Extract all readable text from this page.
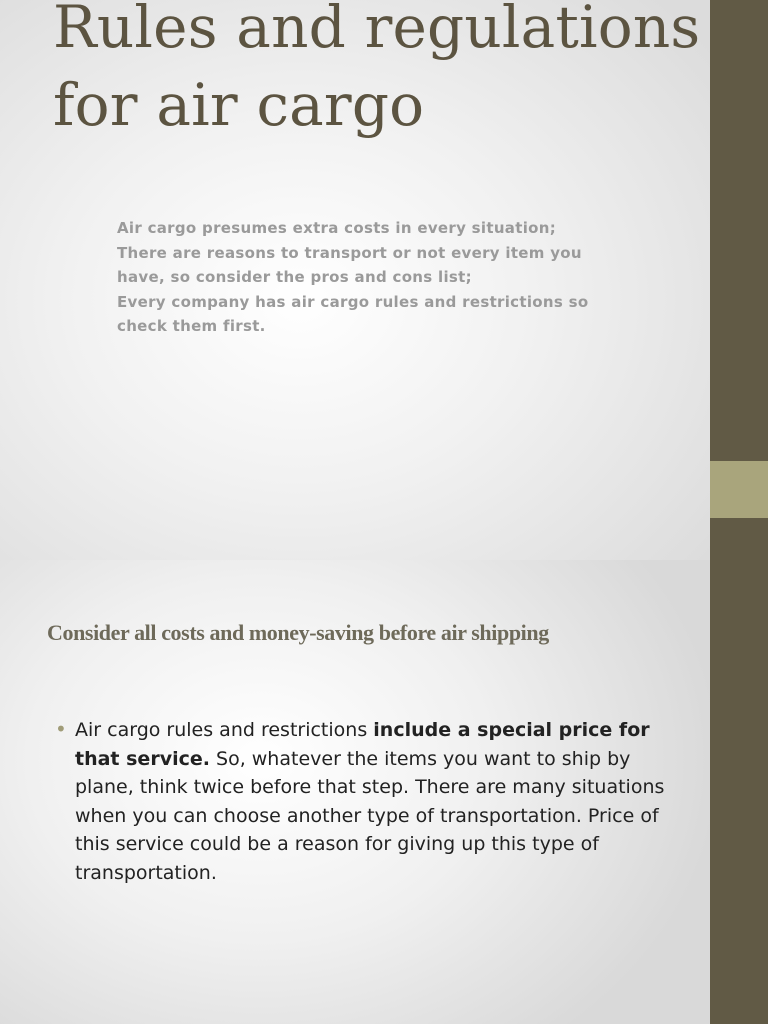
Rules and regulations for air cargo
Air cargo presumes extra costs in every situation;
There are reasons to transport or not every item you have, so consider the pros and cons list;
Every company has air cargo rules and restrictions so check them first.
Consider all costs and money-saving before air shipping
• Air cargo rules and restrictions include a special price for that service. So, whatever the items you want to ship by plane, think twice before that step. There are many situations when you can choose another type of transportation. Price of this service could be a reason for giving up this type of transportation.
